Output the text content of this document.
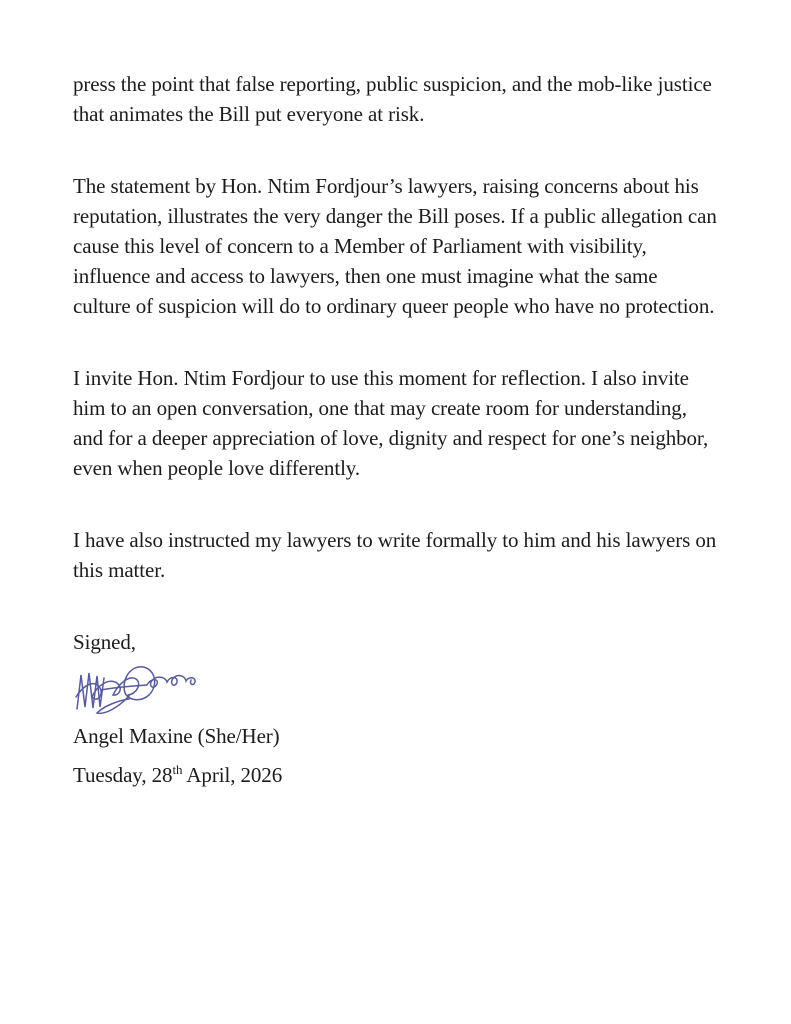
press the point that false reporting, public suspicion, and the mob-like justice that animates the Bill put everyone at risk.

The statement by Hon. Ntim Fordjour’s lawyers, raising concerns about his reputation, illustrates the very danger the Bill poses. If a public allegation can cause this level of concern to a Member of Parliament with visibility, influence and access to lawyers, then one must imagine what the same culture of suspicion will do to ordinary queer people who have no protection.

I invite Hon. Ntim Fordjour to use this moment for reflection. I also invite him to an open conversation, one that may create room for understanding, and for a deeper appreciation of love, dignity and respect for one’s neighbor, even when people love differently.

I have also instructed my lawyers to write formally to him and his lawyers on this matter.

Signed,

Angel Maxine (She/Her)

Tuesday, 28th April, 2026
